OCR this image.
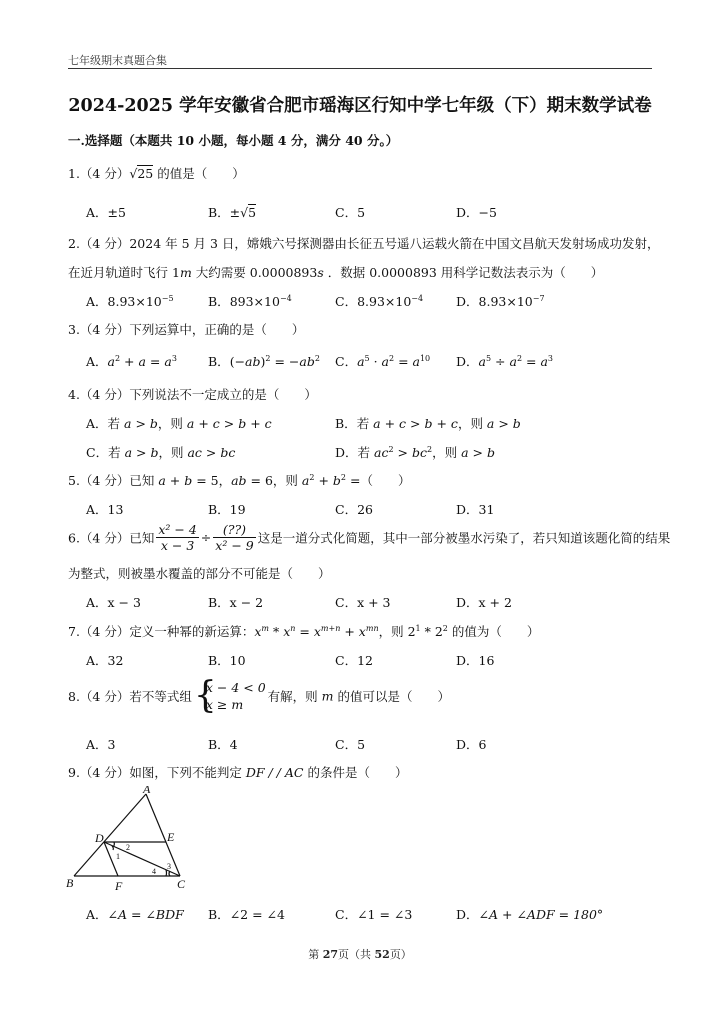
七年级期末真题合集
2024-2025 学年安徽省合肥市瑶海区行知中学七年级（下）期末数学试卷
一.选择题（本题共 10 小题，每小题 4 分，满分 40 分。）
1.（4 分）√25 的值是（　　）
A．±5	B．±√5	C．5	D．−5
2.（4 分）2024 年 5 月 3 日，嫦娥六号探测器由长征五号遥八运载火箭在中国文昌航天发射场成功发射，
在近月轨道时飞行 1m 大约需要 0.0000893s ．数据 0.0000893 用科学记数法表示为（　　）
A．$8.93\times 10^{-5}$	B．$893\times 10^{-4}$	C．$8.93\times 10^{-4}$	D．$8.93\times 10^{-7}$
3.（4 分）下列运算中，正确的是（　　）
A．$a^2 + a = a^3$ B．$(-ab)^2 = -ab^2$ C．$a^5 \cdot a^2 = a^{10}$ D．$a^5 \div a^2 = a^3$
4.（4 分）下列说法不一定成立的是（　　）
A．若 a > b，则 a + c > b + c	B．若 a + c > b + c，则 a > b
C．若 a > b，则 ac > bc	D．若 $ac^2 > bc^2$，则 a > b
5.（4 分）已知 a + b = 5，ab = 6，则 $a^2 + b^2$ =（　　）
A．13	B．19	C．26	D．31
6.（4 分）已知 $\frac{\text{x² − 4}}{x - 3} \div \frac{(??)}{\text{x² − 9}}$ 这是一道分式化简题，其中一部分被墨水污染了，若只知道该题化简的结果
为整式，则被墨水覆盖的部分不可能是（　　）
A．x − 3	B．x − 2	C．x + 3	D．x + 2
7.（4 分）定义一种幂的新运算：$x^m * x^n = x^{m+n} + x^{mn}$，则 $2^1 * 2^2$ 的值为（　　）
A．32	B．10	C．12	D．16
8.（4 分）若不等式组 {
x − 4 < 0
x ≥ m
有解，则 m 的值可以是（　　）
A．3	B．4	C．5	D．6
9.（4 分）如图，下列不能判定 DF / / AC 的条件是（　　）
A
B	C
D	E
F
1
2
3
4
A．∠A = ∠BDF B．∠2 = ∠4	C．∠1 = ∠3	D．∠A + ∠ADF = 180°
第 27页（共 52页）
